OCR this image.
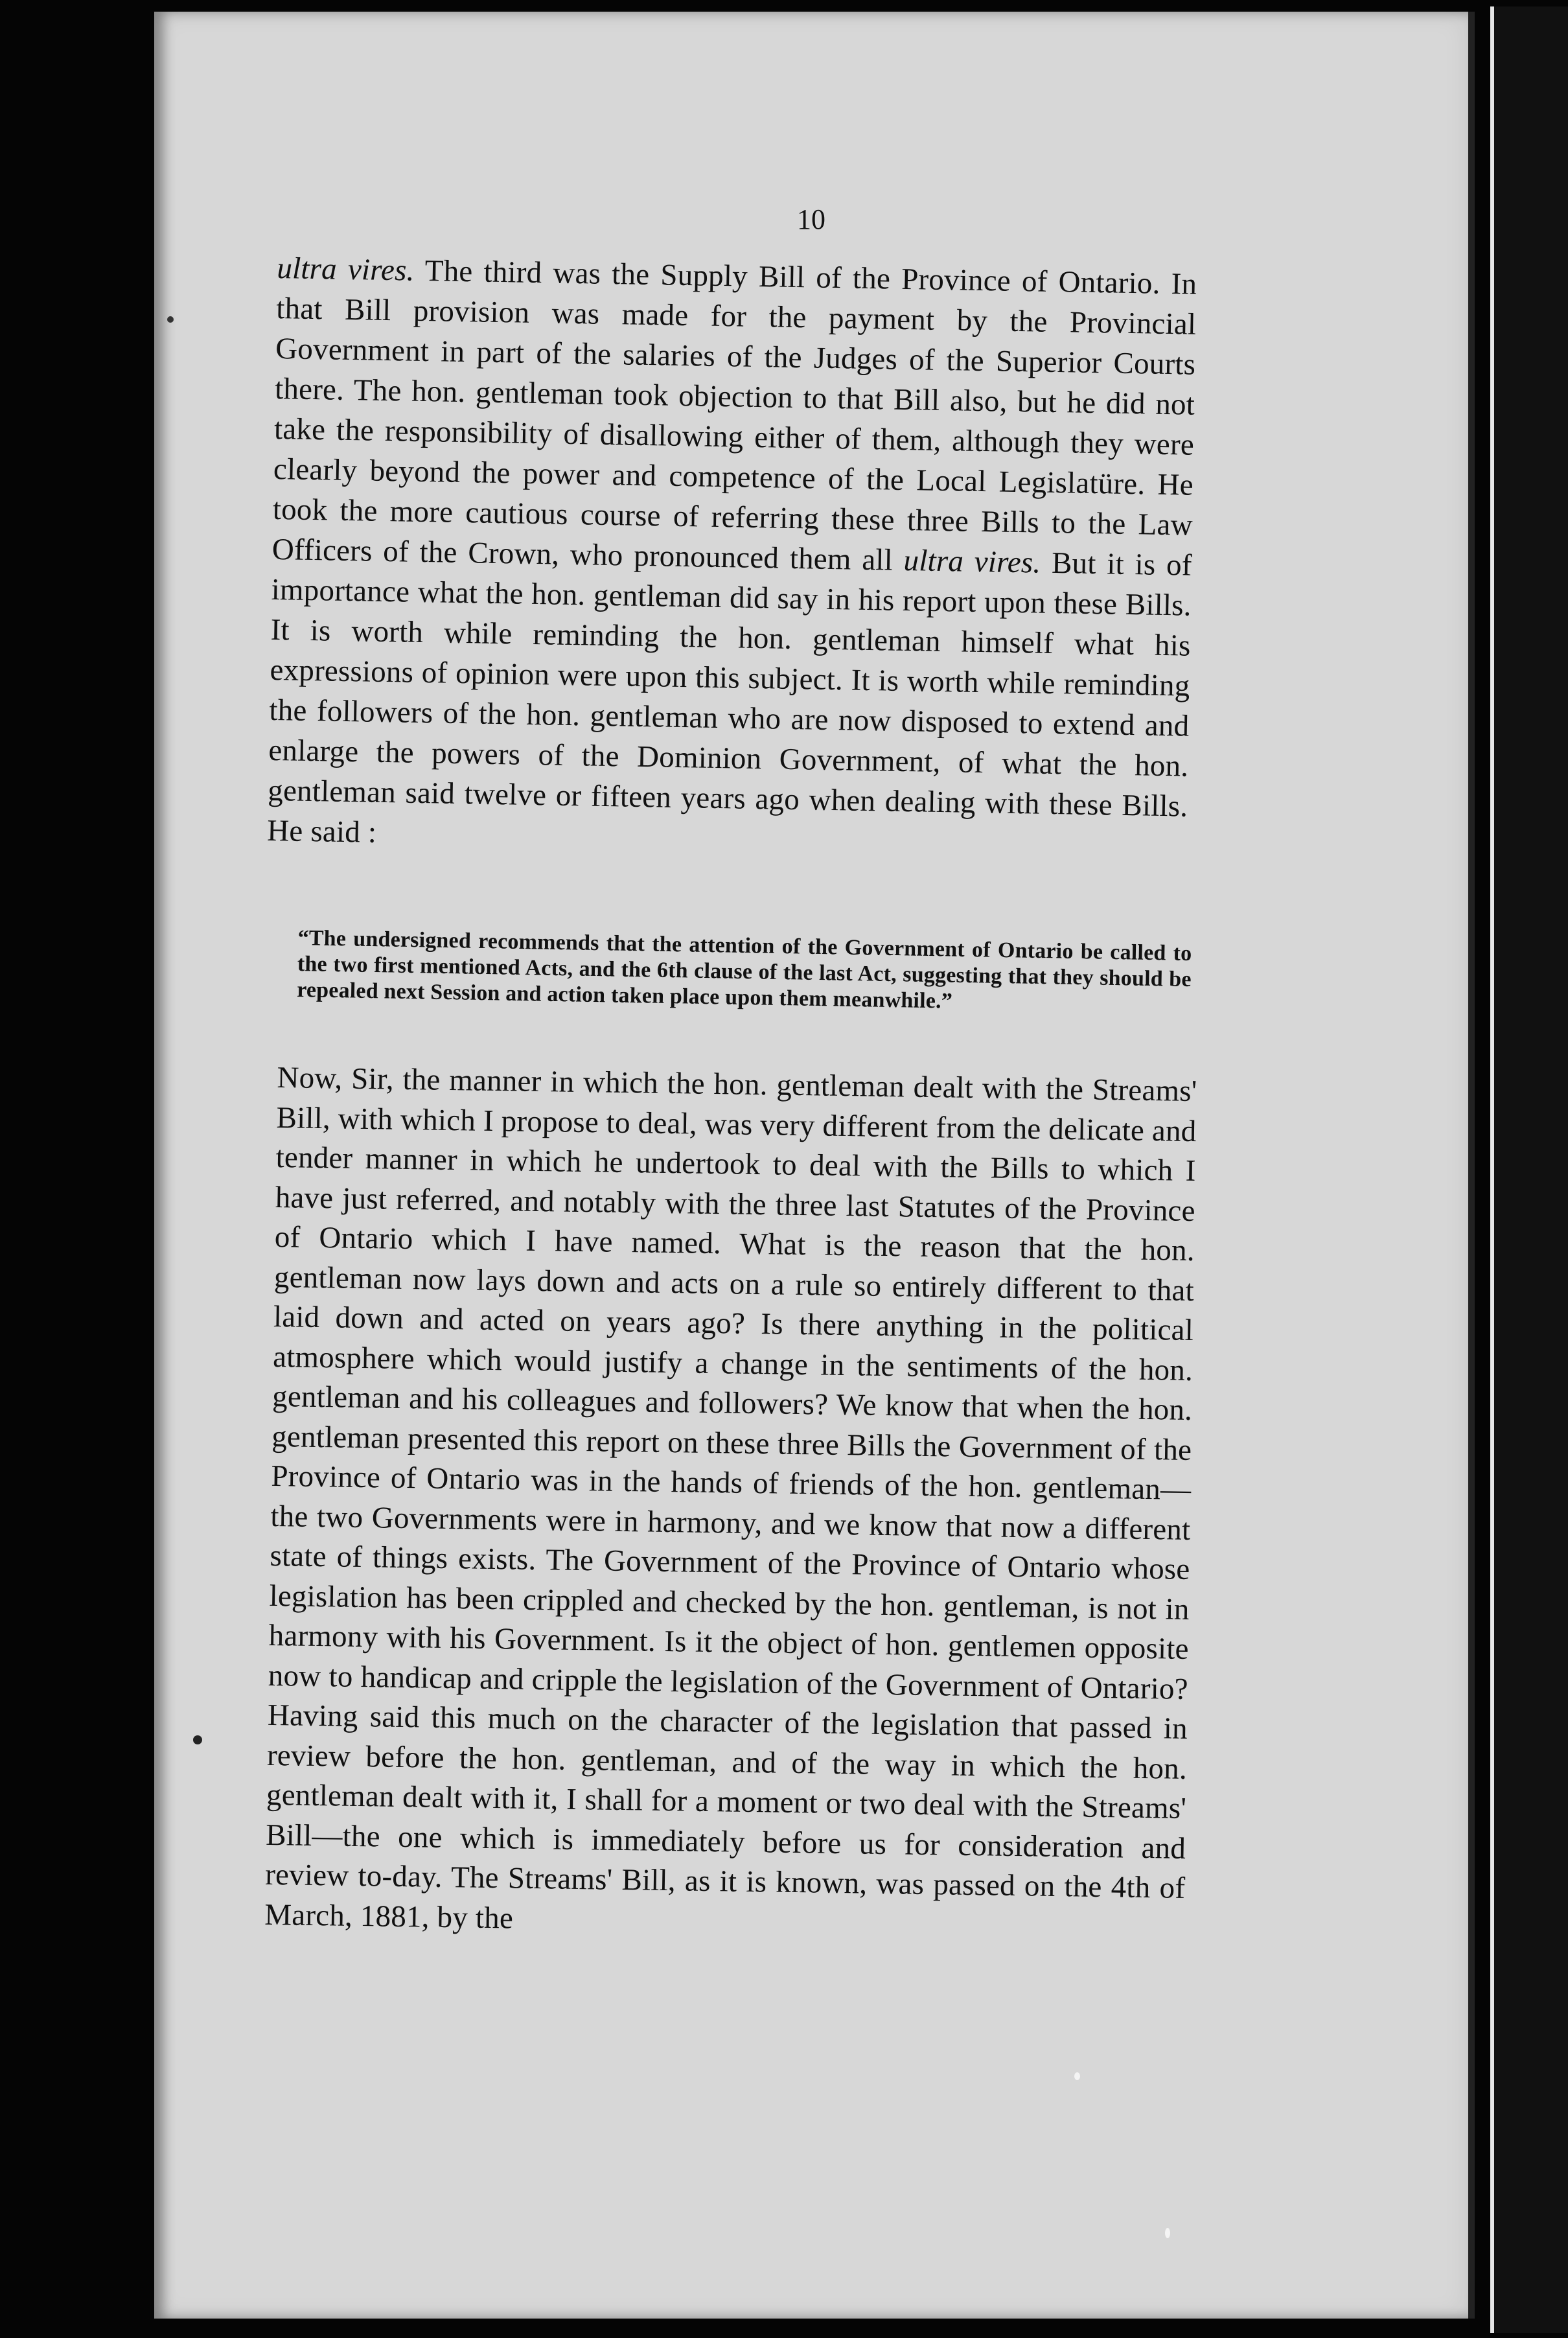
10
ultra vires. The third was the Supply Bill of the Province of Ontario. In that Bill provision was made for the payment by the Provincial Government in part of the salaries of the Judges of the Superior Courts there. The hon. gentleman took objection to that Bill also, but he did not take the responsibility of disallowing either of them, although they were clearly beyond the power and competence of the Local Legislatüre. He took the more cautious course of referring these three Bills to the Law Officers of the Crown, who pronounced them all ultra vires. But it is of importance what the hon. gentleman did say in his report upon these Bills. It is worth while reminding the hon. gentleman himself what his expressions of opinion were upon this subject. It is worth while reminding the followers of the hon. gentleman who are now disposed to extend and enlarge the powers of the Dominion Government, of what the hon. gentleman said twelve or fifteen years ago when dealing with these Bills. He said :
“The undersigned recommends that the attention of the Government of Ontario be called to the two first mentioned Acts, and the 6th clause of the last Act, suggesting that they should be repealed next Session and action taken place upon them meanwhile.”
Now, Sir, the manner in which the hon. gentleman dealt with the Streams' Bill, with which I propose to deal, was very different from the delicate and tender manner in which he undertook to deal with the Bills to which I have just referred, and notably with the three last Statutes of the Province of Ontario which I have named. What is the reason that the hon. gentleman now lays down and acts on a rule so entirely different to that laid down and acted on years ago? Is there anything in the political atmosphere which would justify a change in the sentiments of the hon. gentleman and his colleagues and followers? We know that when the hon. gentleman presented this report on these three Bills the Government of the Province of Ontario was in the hands of friends of the hon. gentleman—the two Governments were in harmony, and we know that now a different state of things exists. The Government of the Province of Ontario whose legislation has been crippled and checked by the hon. gentleman, is not in harmony with his Government. Is it the object of hon. gentlemen opposite now to handicap and cripple the legislation of the Government of Ontario? Having said this much on the character of the legislation that passed in review before the hon. gentleman, and of the way in which the hon. gentleman dealt with it, I shall for a moment or two deal with the Streams' Bill—the one which is immediately before us for consideration and review to-day. The Streams' Bill, as it is known, was passed on the 4th of March, 1881, by the
